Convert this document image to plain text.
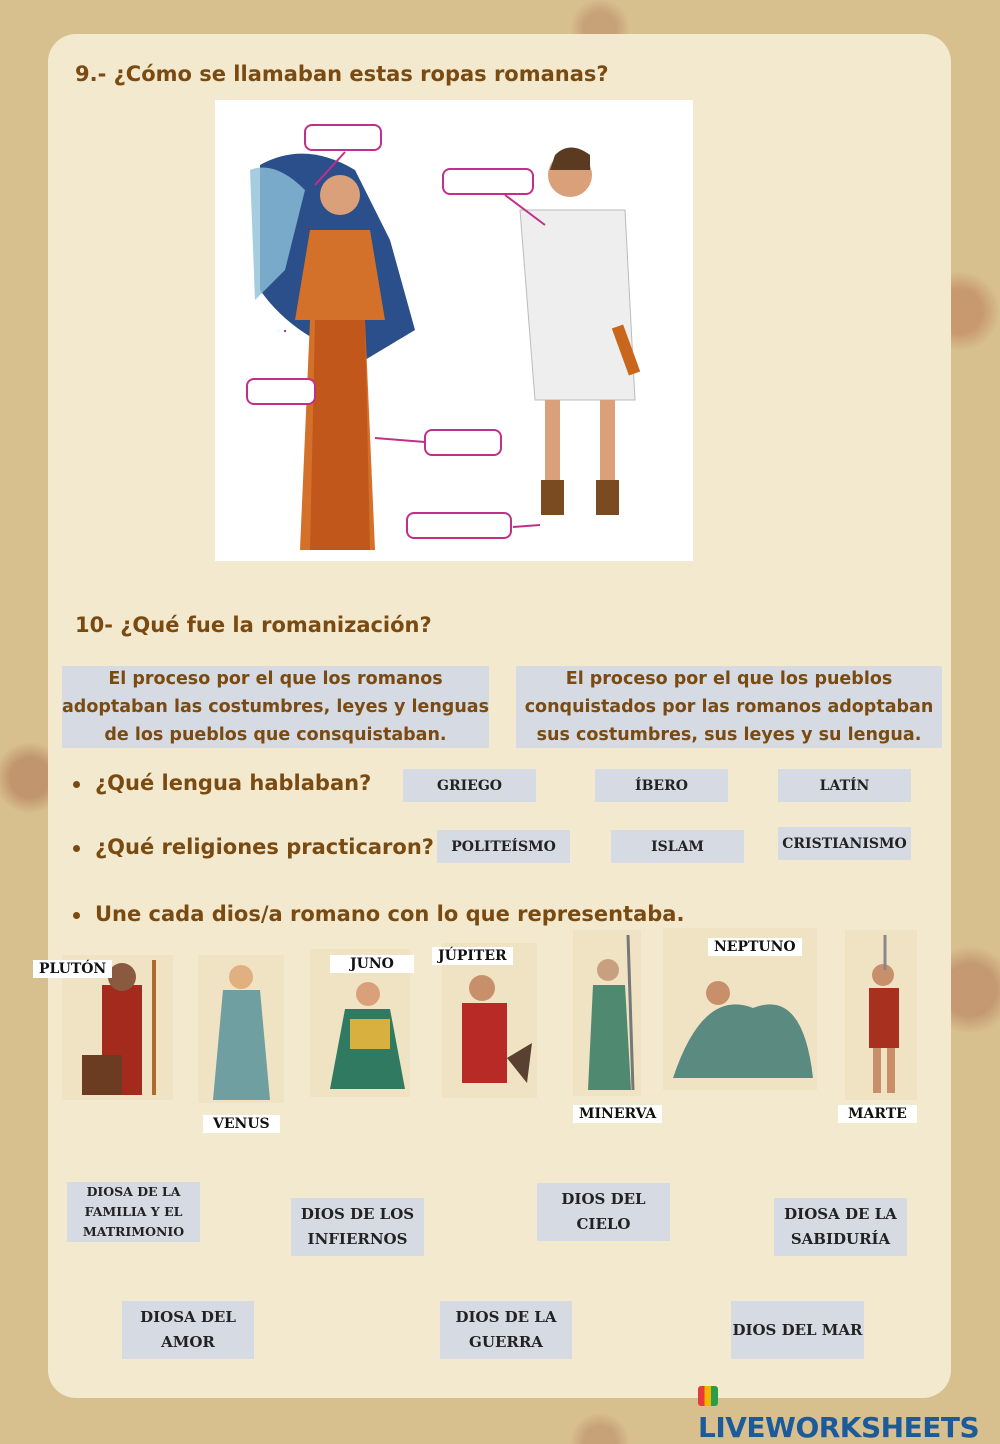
9.- ¿Cómo se llamaban estas ropas romanas?
10- ¿Qué fue la romanización?
El proceso por el que los romanos adoptaban las costumbres, leyes y lenguas de los pueblos que consquistaban.
El proceso por el que los pueblos conquistados por las romanos adoptaban sus costumbres, sus leyes y su lengua.
¿Qué lengua hablaban?	GRIEGO	ÍBERO	LATÍN
¿Qué religiones practicaron?	POLITEÍSMO	ISLAM	CRISTIANISMO
Une cada dios/a romano con lo que representaba.
PLUTÓN
VENUS
JUNO	JÚPITER
MINERVA
NEPTUNO
MARTE
DIOSA DE LA FAMILIA Y EL MATRIMONIO
DIOS DE LOS INFIERNOS
DIOS DEL CIELO
DIOSA DE LA SABIDURÍA
DIOSA DEL AMOR
DIOS DE LA GUERRA
DIOS DEL MAR
LIVEWORKSHEETS
